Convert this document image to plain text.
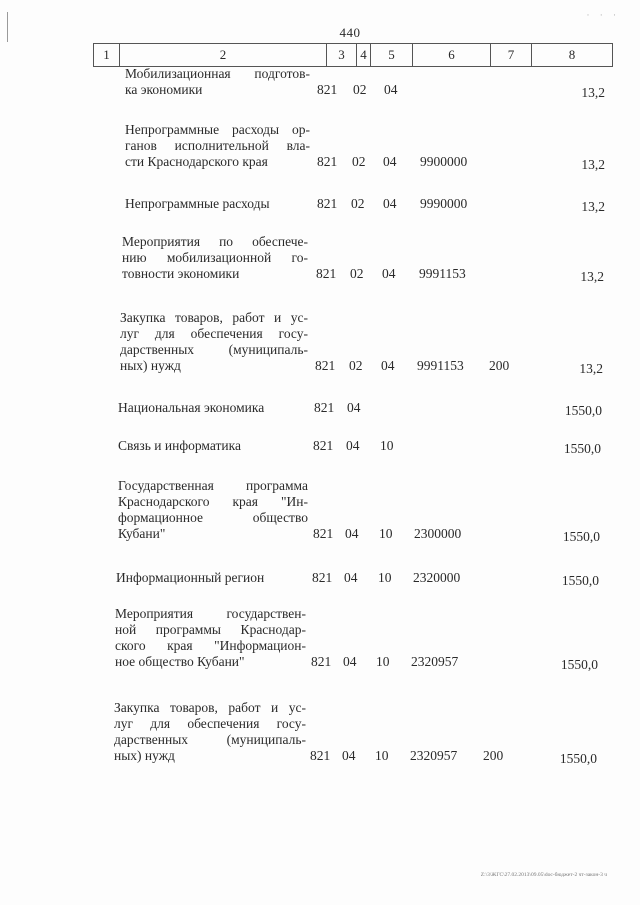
· · ·
440
1	2	3	4	5	6	7	8
Мобилизационная подготов-
ка экономики	821 02 04	13,2
Непрограммные расходы ор-
ганов исполнительной вла-
сти Краснодарского края	821 02 04 9900000	13,2
Непрограммные расходы	821 02 04 9990000	13,2
Мероприятия по обеспече-
нию мобилизационной го-
товности экономики	821 02 04 9991153	13,2
Закупка товаров, работ и ус-
луг для обеспечения госу-
дарственных (муниципаль-
ных) нужд	821 02 04 9991153 200	13,2
Национальная экономика	821 04	1550,0
Связь и информатика	821 04 10	1550,0
Государственная программа
Краснодарского края "Ин-
формационное общество
Кубани"	821 04 10 2300000	1550,0
Информационный регион	821 04 10 2320000	1550,0
Мероприятия государствен-
ной программы Краснодар-
ского края "Информацион-
ное общество Кубани"	821 04 10 2320957	1550,0
Закупка товаров, работ и ус-
луг для обеспечения госу-
дарственных (муниципаль-
ных) нужд	821 04 10 2320957 200	1550,0
Z:\3\ЖГС\27.02.2013\09.05\doc-бюджет-2 чт-закон-3 ч
